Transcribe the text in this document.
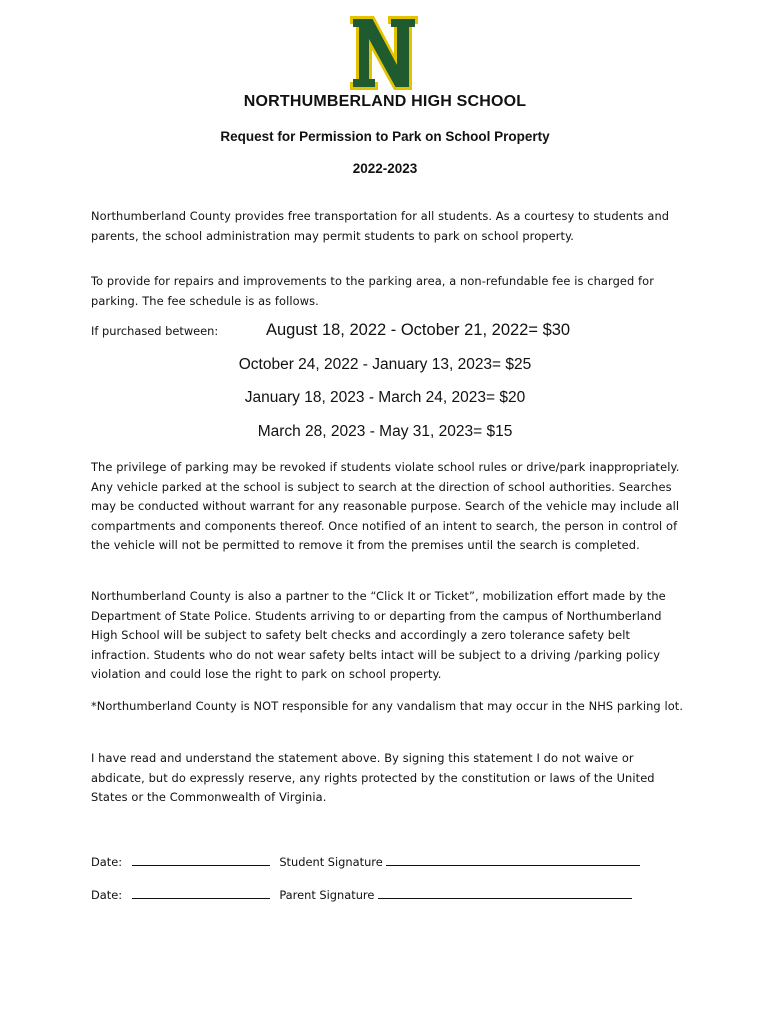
NORTHUMBERLAND HIGH SCHOOL
Request for Permission to Park on School Property
2022-2023

Northumberland County provides free transportation for all students. As a courtesy to students and parents, the school administration may permit students to park on school property.

To provide for repairs and improvements to the parking area, a non-refundable fee is charged for parking. The fee schedule is as follows.

If purchased between:	August 18, 2022 - October 21, 2022= $30
October 24, 2022 - January 13, 2023= $25
January 18, 2023 - March 24, 2023= $20
March 28, 2023 - May 31, 2023= $15

The privilege of parking may be revoked if students violate school rules or drive/park inappropriately. Any vehicle parked at the school is subject to search at the direction of school authorities. Searches may be conducted without warrant for any reasonable purpose. Search of the vehicle may include all compartments and components thereof. Once notified of an intent to search, the person in control of the vehicle will not be permitted to remove it from the premises until the search is completed.

Northumberland County is also a partner to the “Click It or Ticket”, mobilization effort made by the Department of State Police. Students arriving to or departing from the campus of Northumberland High School will be subject to safety belt checks and accordingly a zero tolerance safety belt infraction. Students who do not wear safety belts intact will be subject to a driving /parking policy violation and could lose the right to park on school property.

*Northumberland County is NOT responsible for any vandalism that may occur in the NHS parking lot.

I have read and understand the statement above. By signing this statement I do not waive or abdicate, but do expressly reserve, any rights protected by the constitution or laws of the United States or the Commonwealth of Virginia.

Date:	Student Signature
Date:	Parent Signature
